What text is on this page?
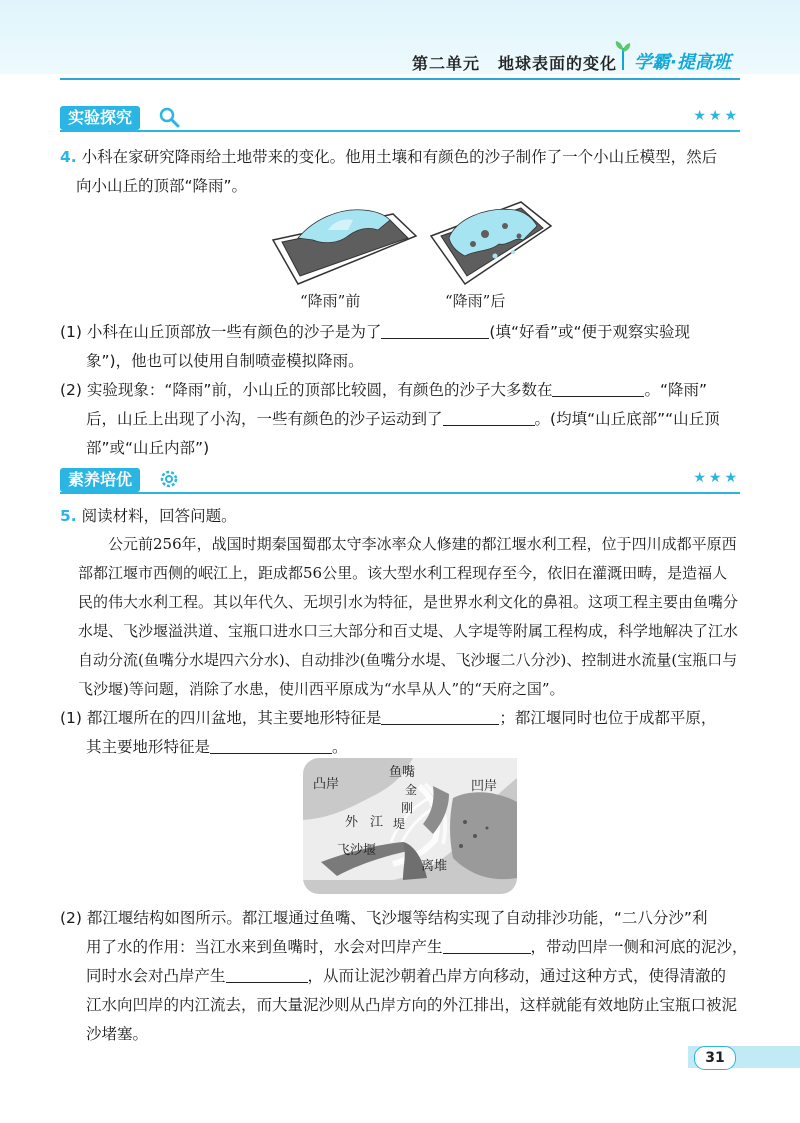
第二单元 地球表面的变化 学霸·提高班
实验探究	★★★
4. 小科在家研究降雨给土地带来的变化。他用土壤和有颜色的沙子制作了一个小山丘模型，然后
向小山丘的顶部“降雨”。
“降雨”前	“降雨”后
(1) 小科在山丘顶部放一些有颜色的沙子是为了	(填“好看”或“便于观察实验现
象”)，他也可以使用自制喷壶模拟降雨。
(2) 实验现象：“降雨”前，小山丘的顶部比较圆，有颜色的沙子大多数在	。“降雨”
后，山丘上出现了小沟，一些有颜色的沙子运动到了	。(均填“山丘底部”“山丘顶
部”或“山丘内部”)
素养培优	★★★
5. 阅读材料，回答问题。
公元前256年，战国时期秦国蜀郡太守李冰率众人修建的都江堰水利工程，位于四川成都平原西部都江堰市西侧的岷江上，距成都56公里。该大型水利工程现存至今，依旧在灌溉田畴，是造福人民的伟大水利工程。其以年代久、无坝引水为特征，是世界水利文化的鼻祖。这项工程主要由鱼嘴分水堤、飞沙堰溢洪道、宝瓶口进水口三大部分和百丈堤、人字堤等附属工程构成，科学地解决了江水自动分流(鱼嘴分水堤四六分水)、自动排沙(鱼嘴分水堤、飞沙堰二八分沙)、控制进水流量(宝瓶口与飞沙堰)等问题，消除了水患，使川西平原成为“水旱从人”的“天府之国”。
(1) 都江堰所在的四川盆地，其主要地形特征是	；都江堰同时也位于成都平原，
其主要地形特征是	。
凸岸
鱼嘴
凹岸
外江
金
刚
堤
飞沙堰
离堆
(2) 都江堰结构如图所示。都江堰通过鱼嘴、飞沙堰等结构实现了自动排沙功能，“二八分沙”利
用了水的作用：当江水来到鱼嘴时，水会对凹岸产生	，带动凹岸一侧和河底的泥沙，
同时水会对凸岸产生	，从而让泥沙朝着凸岸方向移动，通过这种方式，使得清澈的
江水向凹岸的内江流去，而大量泥沙则从凸岸方向的外江排出，这样就能有效地防止宝瓶口被泥
沙堵塞。
31
